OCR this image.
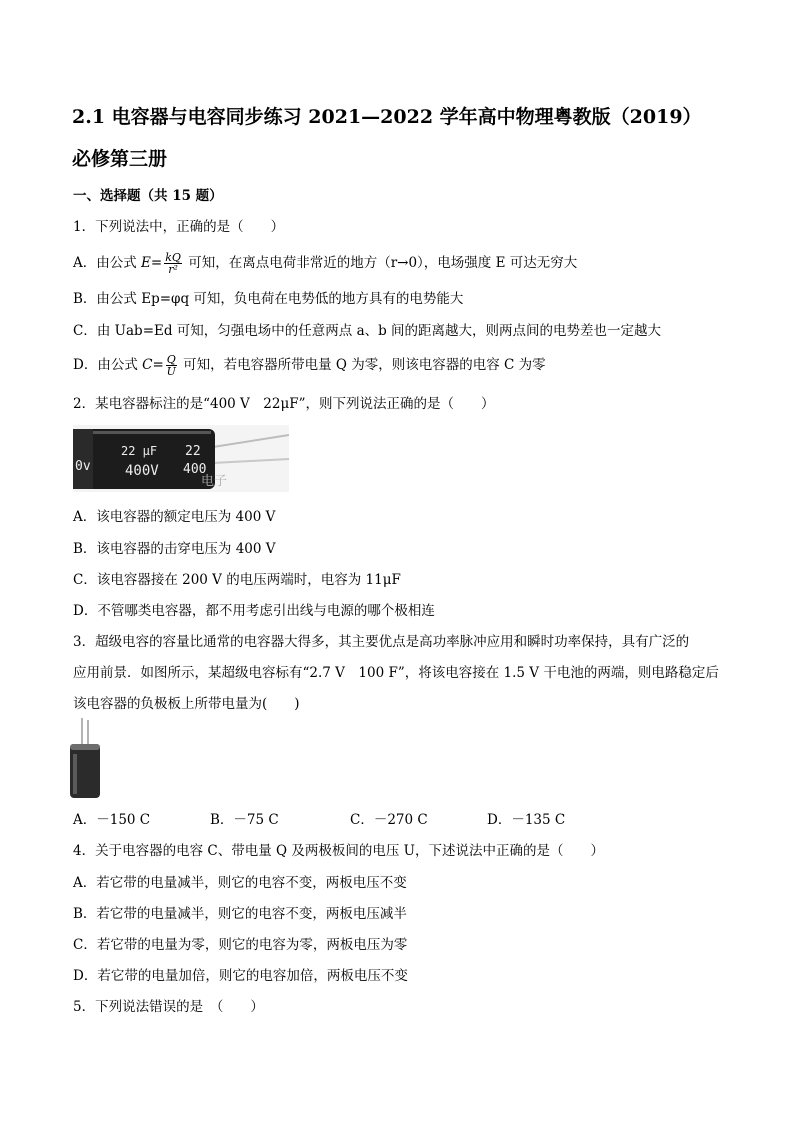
2.1 电容器与电容同步练习 2021—2022 学年高中物理粤教版（2019）
必修第三册
一、选择题（共 15 题）
1．下列说法中，正确的是（　　）
A．由公式 $E= \frac{kQ}{\text{r²}}$ 可知，在离点电荷非常近的地方（r→0），电场强度 E 可达无穷大
B．由公式 Ep=φq 可知，负电荷在电势低的地方具有的电势能大
C．由 Uab=Ed 可知，匀强电场中的任意两点 a、b 间的距离越大，则两点间的电势差也一定越大
D．由公式 $C= \frac{Q}{U}$ 可知，若电容器所带电量 Q 为零，则该电容器的电容 C 为零
2．某电容器标注的是“400 V　22μF”，则下列说法正确的是（　　）
0v
22 μF
400V
22
400
电子
A．该电容器的额定电压为 400 V
B．该电容器的击穿电压为 400 V
C．该电容器接在 200 V 的电压两端时，电容为 11μF
D．不管哪类电容器，都不用考虑引出线与电源的哪个极相连
3．超级电容的容量比通常的电容器大得多，其主要优点是高功率脉冲应用和瞬时功率保持，具有广泛的
应用前景．如图所示，某超级电容标有“2.7 V　100 F”，将该电容接在 1.5 V 干电池的两端，则电路稳定后
该电容器的负极板上所带电量为(　　)
A．－150 C	B．－75 C	C．－270 C	D．－135 C
4．关于电容器的电容 C、带电量 Q 及两极板间的电压 U，下述说法中正确的是（　　）
A．若它带的电量减半，则它的电容不变，两板电压不变
B．若它带的电量减半，则它的电容不变，两板电压减半
C．若它带的电量为零，则它的电容为零，两板电压为零
D．若它带的电量加倍，则它的电容加倍，两板电压不变
5．下列说法错误的是　（　　）
